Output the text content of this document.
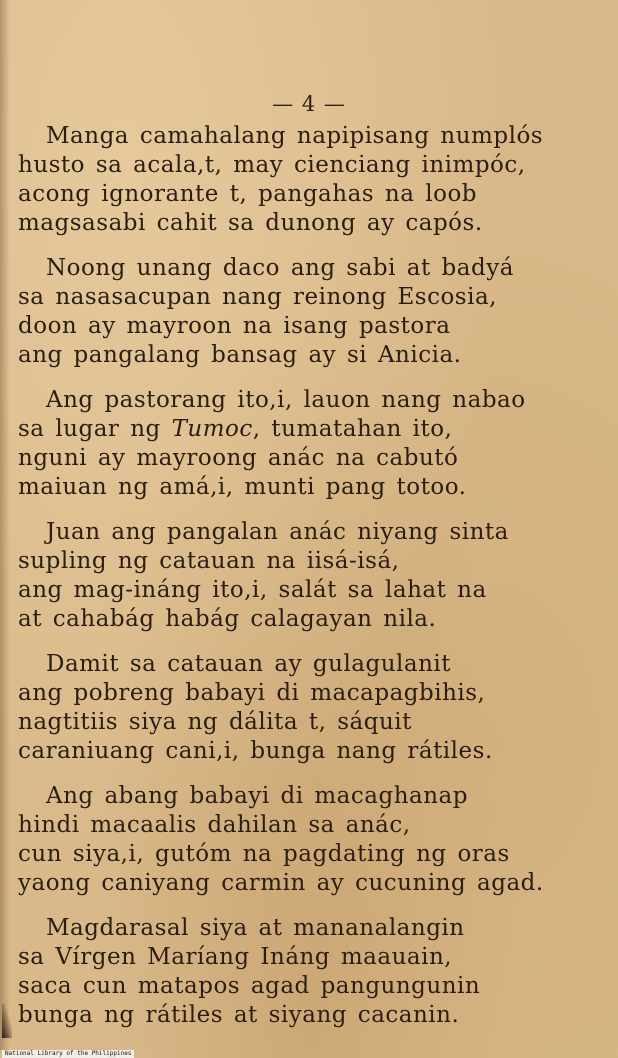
— 4 —
Manga camahalang napipisang numplós
husto sa acala,t, may cienciang inimpóc,
acong ignorante t, pangahas na loob
magsasabi cahit sa dunong ay capós.
Noong unang daco ang sabi at badyá
sa nasasacupan nang reinong Escosia,
doon ay mayroon na isang pastora
ang pangalang bansag ay si Anicia.
Ang pastorang ito,i, lauon nang nabao
sa lugar ng Tumoc, tumatahan ito,
nguni ay mayroong anác na cabutó
maiuan ng amá,i, munti pang totoo.
Juan ang pangalan anác niyang sinta
supling ng catauan na iisá-isá,
ang mag-ináng ito,i, salát sa lahat na
at cahabág habág calagayan nila.
Damit sa catauan ay gulagulanit
ang pobreng babayi di macapagbihis,
nagtitiis siya ng dálita t, sáquit
caraniuang cani,i, bunga nang rátiles.
Ang abang babayi di macaghanap
hindi macaalis dahilan sa anác,
cun siya,i, gutóm na pagdating ng oras
yaong caniyang carmin ay cucuning agad.
Magdarasal siya at mananalangin
sa Vírgen Maríang Ináng maauain,
saca cun matapos agad pangungunin
bunga ng rátiles at siyang cacanin.
National Library of the Philippines
